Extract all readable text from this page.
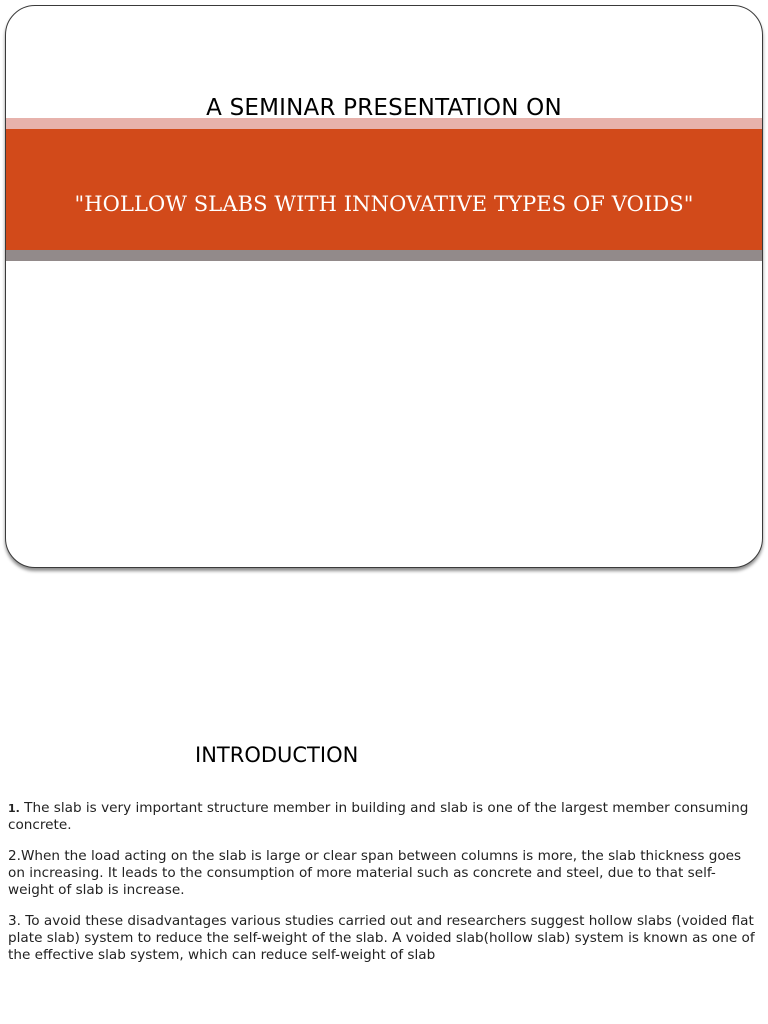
A SEMINAR PRESENTATION ON
"HOLLOW SLABS WITH INNOVATIVE TYPES OF VOIDS"
INTRODUCTION

1. The slab is very important structure member in building and slab is one of the largest member consuming concrete.

2.When the load acting on the slab is large or clear span between columns is more, the slab thickness goes on increasing. It leads to the consumption of more material such as concrete and steel, due to that self-weight of slab is increase.

3. To avoid these disadvantages various studies carried out and researchers suggest hollow slabs (voided flat plate slab) system to reduce the self-weight of the slab. A voided slab(hollow slab) system is known as one of the effective slab system, which can reduce self-weight of slab
